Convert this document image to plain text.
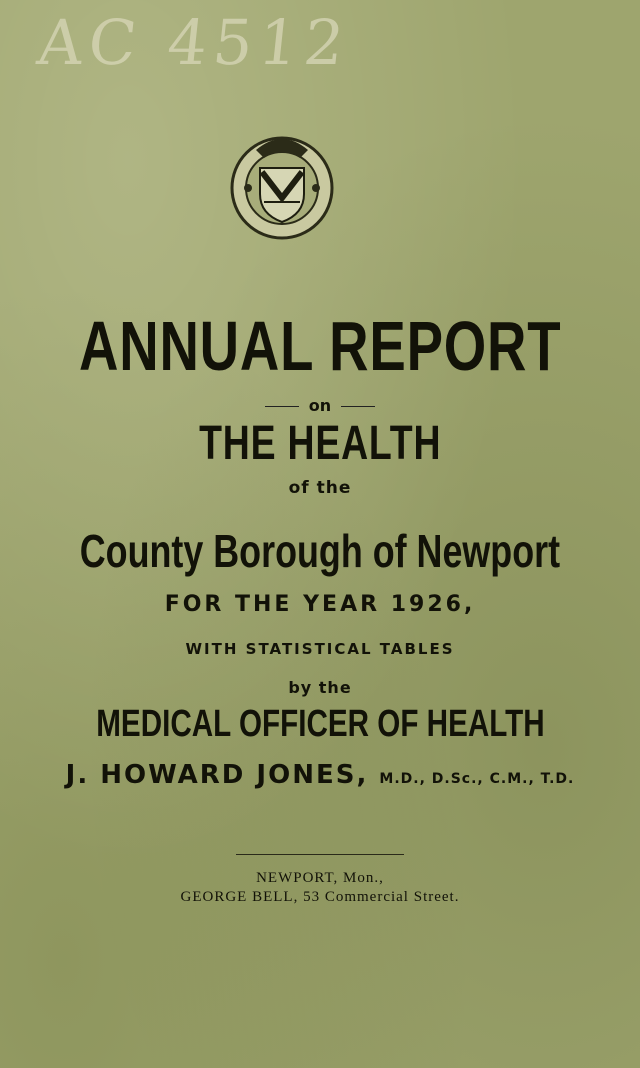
AC 4512
ANNUAL REPORT
on
THE HEALTH
of the
County Borough of Newport
FOR THE YEAR 1926,
WITH STATISTICAL TABLES
by the
MEDICAL OFFICER OF HEALTH
J. HOWARD JONES, M.D., D.Sc., C.M., T.D.
NEWPORT, Mon.,
GEORGE BELL, 53 Commercial Street.
